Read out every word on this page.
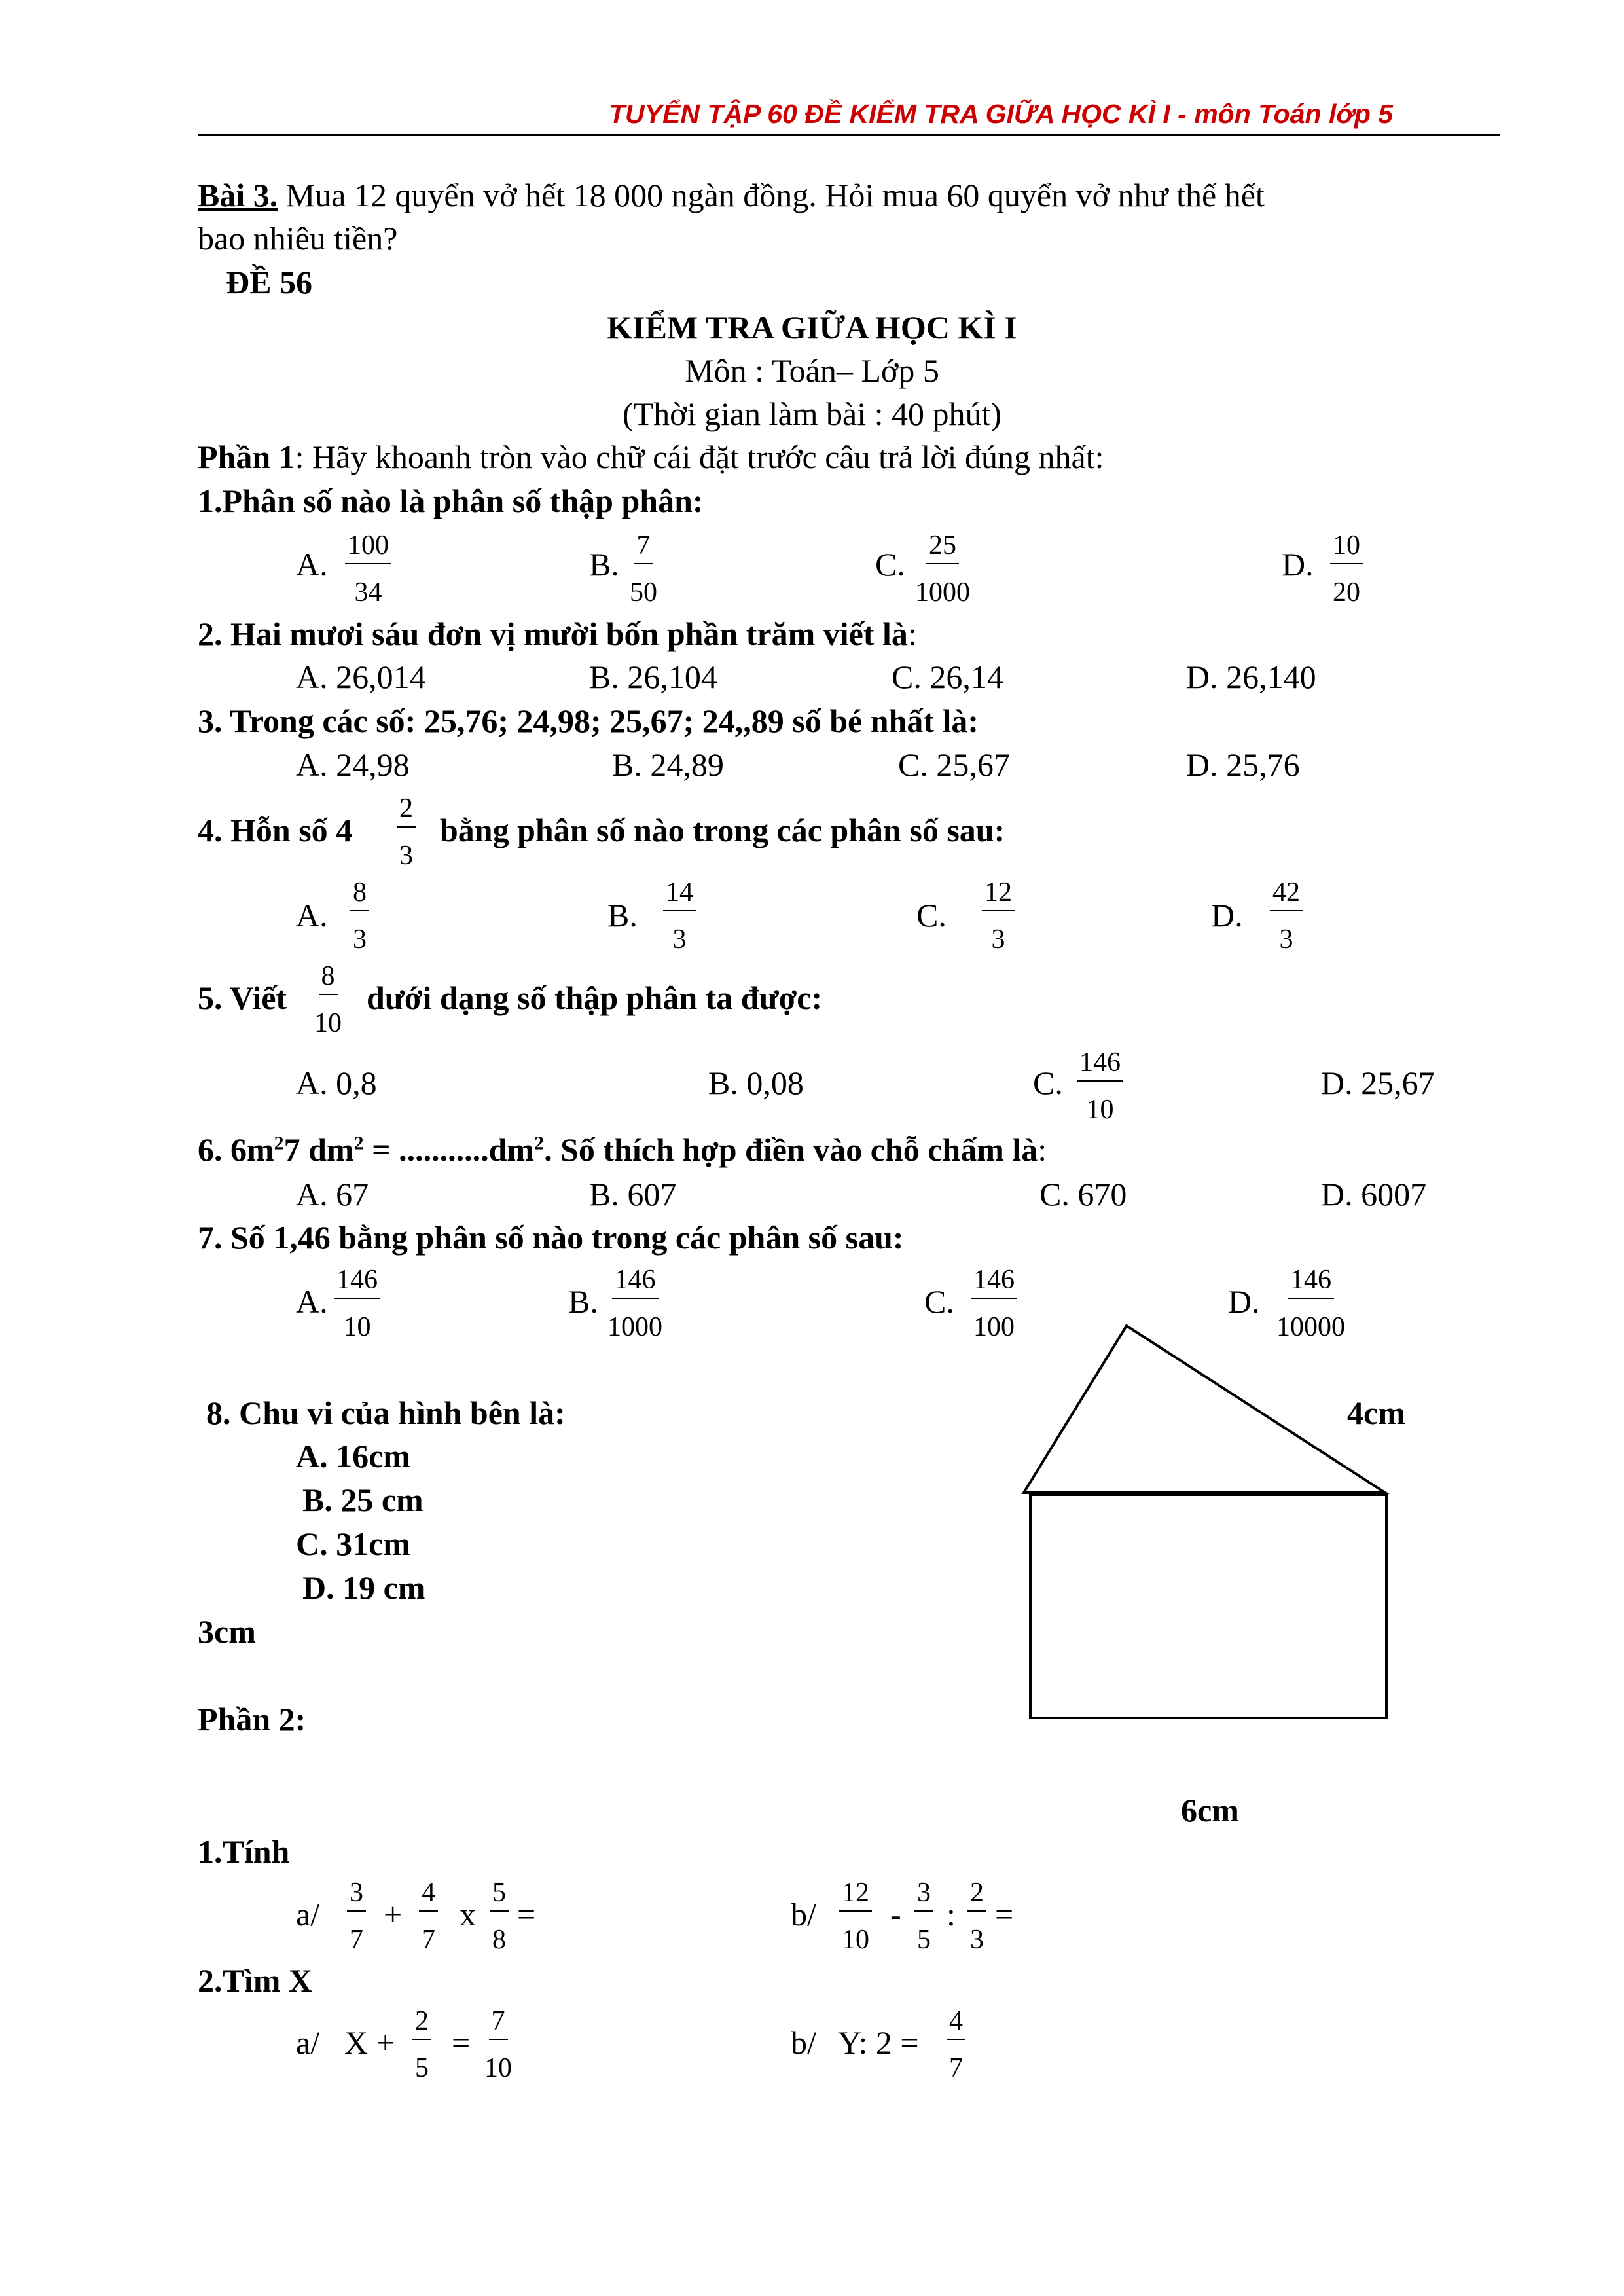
TUYỂN TẬP 60 ĐỀ KIỂM TRA GIỮA HỌC KÌ I - môn Toán lớp 5
Bài 3. Mua 12 quyển vở hết 18 000 ngàn đồng. Hỏi mua 60 quyển vở như thế hết
bao nhiêu tiền?
ĐỀ 56
KIỂM TRA GIỮA HỌC KÌ I
Môn : Toán– Lớp 5
(Thời gian làm bài : 40 phút)
Phần 1: Hãy khoanh tròn vào chữ cái đặt trước câu trả lời đúng nhất:
1.Phân số nào là phân số thập phân:
A. $\frac{100}{34}$	B. $\frac{7}{50}$	C. $\frac{25}{1000}$	D. $\frac{10}{20}$
2. Hai mươi sáu đơn vị mười bốn phần trăm viết là:
A. 26,014	B. 26,104	C. 26,14	D. 26,140
3. Trong các số: 25,76; 24,98; 25,67; 24,,89 số bé nhất là:
A. 24,98	B. 24,89	C. 25,67	D. 25,76
4. Hỗn số $4 \frac{2}{3}$ bằng phân số nào trong các phân số sau:
A. $\frac{8}{3}$	B. $\frac{14}{3}$	C. $\frac{12}{3}$	D. $\frac{42}{3}$
5. Viết $\frac{8}{10}$ dưới dạng số thập phân ta được:
A. 0,8	B. 0,08	C. $\frac{146}{10}$	D. 25,67
6. $6m^27$ $dm^2 = ...........dm^2$. Số thích hợp điền vào chỗ chấm là:
A. 67	B. 607	C. 670	D. 6007
7. Số 1,46 bằng phân số nào trong các phân số sau:
A. $\frac{146}{10}$	B. $\frac{146}{1000}$	C. $\frac{146}{100}$	D. $\frac{146}{10000}$
8. Chu vi của hình bên là:
A. 16cm
B. 25 cm
C. 31cm
D. 19 cm
3cm
4cm
6cm
Phần 2:
1.Tính
$a/ \frac{3}{7} + \frac{4}{7}$ x $\frac{5}{8}$ =	$b/ \frac{12}{10} - \frac{3}{5}$ : $\frac{2}{3}$ =
2.Tìm X
a/ $X + \frac{2}{5} = \frac{7}{10}$	b/ Y: $2 = \frac{4}{7}$
